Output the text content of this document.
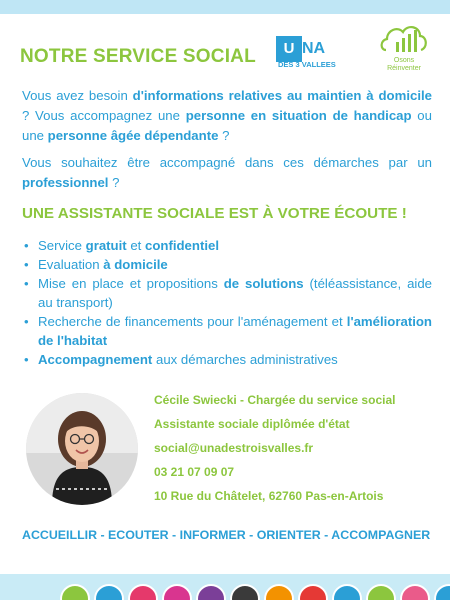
NOTRE SERVICE SOCIAL	U NA
DES 3 VALLEES	Osons
Réinventer

Vous avez besoin d'informations relatives au maintien à domicile ? Vous accompagnez une personne en situation de handicap ou une personne âgée dépendante ?

Vous souhaitez être accompagné dans ces démarches par un professionnel ?

UNE ASSISTANTE SOCIALE EST À VOTRE ÉCOUTE !
• Service gratuit et confidentiel
• Evaluation à domicile
• Mise en place et propositions de solutions (téléassistance, aide au transport)
• Recherche de financements pour l'aménagement et l'amélioration de l'habitat
• Accompagnement aux démarches administratives
Cécile Swiecki - Chargée du service social
Assistante sociale diplômée d'état
social@unadestroisvalles.fr
03 21 07 09 07
10 Rue du Châtelet, 62760 Pas-en-Artois
ACCUEILLIR - ECOUTER - INFORMER - ORIENTER - ACCOMPAGNER
